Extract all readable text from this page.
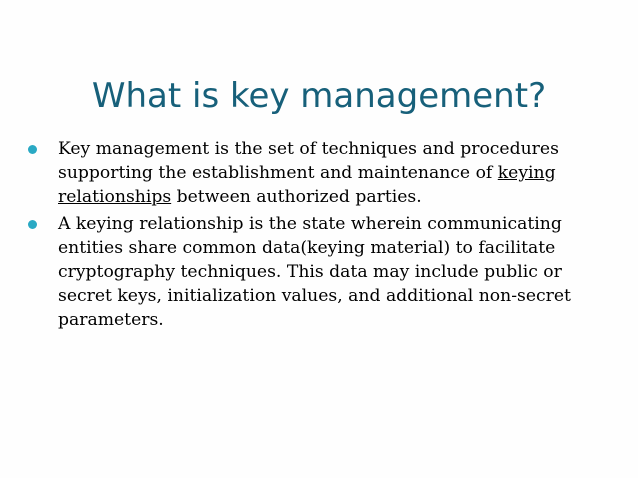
What is key management?
Key management is the set of techniques and procedures supporting the establishment and maintenance of keying relationships between authorized parties.
A keying relationship is the state wherein communicating entities share common data(keying material) to facilitate cryptography techniques. This data may include public or secret keys, initialization values, and additional non-secret parameters.
